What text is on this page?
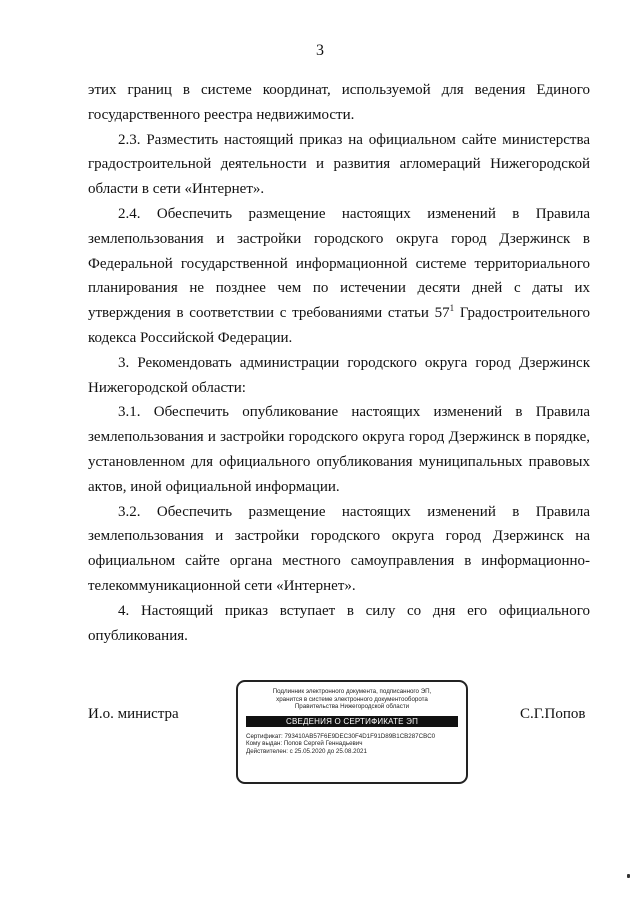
3

этих границ в системе координат, используемой для ведения Единого государственного реестра недвижимости.

2.3. Разместить настоящий приказ на официальном сайте министерства градостроительной деятельности и развития агломераций Нижегородской области в сети «Интернет».

2.4. Обеспечить размещение настоящих изменений в Правила землепользования и застройки городского округа город Дзержинск в Федеральной государственной информационной системе территориального планирования не позднее чем по истечении десяти дней с даты их утверждения в соответствии с требованиями статьи $57^1$ Градостроительного кодекса Российской Федерации.

3. Рекомендовать администрации городского округа город Дзержинск Нижегородской области:

3.1. Обеспечить опубликование настоящих изменений в Правила землепользования и застройки городского округа город Дзержинск в порядке, установленном для официального опубликования муниципальных правовых актов, иной официальной информации.

3.2. Обеспечить размещение настоящих изменений в Правила землепользования и застройки городского округа город Дзержинск на официальном сайте органа местного самоуправления в информационно-телекоммуникационной сети «Интернет».

4. Настоящий приказ вступает в силу со дня его официального опубликования.

И.о. министра
Подлинник электронного документа, подписанного ЭП,
хранится в системе электронного документооборота
Правительства Нижегородской области
СВЕДЕНИЯ О СЕРТИФИКАТЕ ЭП
Сертификат: 793410AB57F6E9DEC30F4D1F91D89B1CB287CBC0
Кому выдан: Попов Сергей Геннадьевич
Действителен: с 25.05.2020 до 25.08.2021
С.Г.Попов
